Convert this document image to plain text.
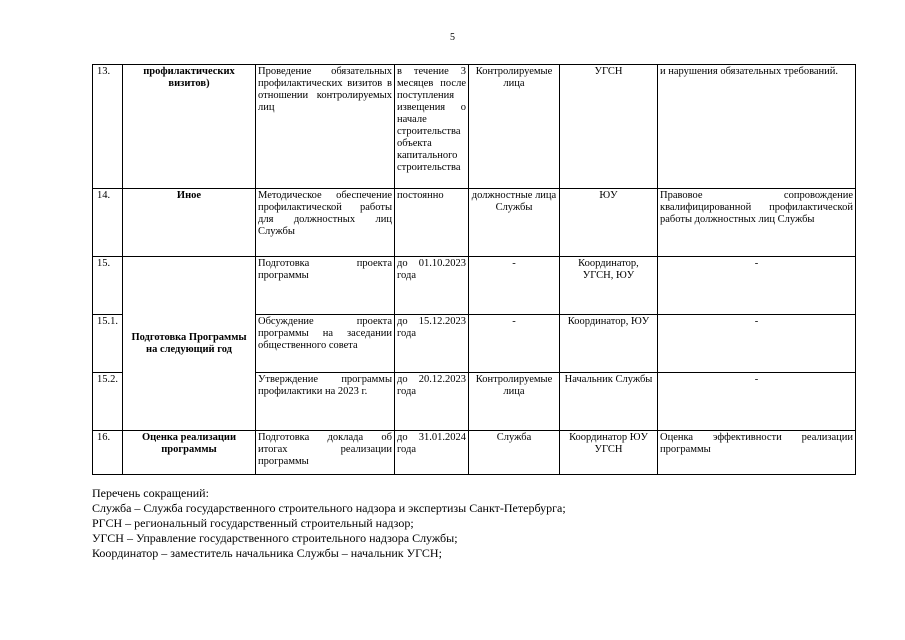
5
13.	профилактических визитов)	Проведение обязательных профилактических визитов в отношении контролируемых лиц	в течение 3 месяцев после поступления извещения о начале строительства объекта капитального строительства	Контролируемые лица	УГСН	и нарушения обязательных требований.
14.	Иное	Методическое обеспечение профилактической работы для должностных лиц Службы	постоянно	должностные лица Службы	ЮУ	Правовое сопровождение квалифицированной профилактической работы должностных лиц Службы
15.	Подготовка Программы на следующий год	Подготовка проекта программы	до 01.10.2023 года	-	Координатор, УГСН, ЮУ	-
15.1.		Обсуждение проекта программы на заседании общественного совета	до 15.12.2023 года	-	Координатор, ЮУ	-
15.2.		Утверждение программы профилактики на 2023 г.	до 20.12.2023 года	Контролируемые лица	Начальник Службы	-
16.	Оценка реализации программы	Подготовка доклада об итогах реализации программы	до 31.01.2024 года	Служба	Координатор ЮУ УГСН	Оценка эффективности реализации программы
Перечень сокращений:
Служба – Служба государственного строительного надзора и экспертизы Санкт-Петербурга;
РГСН – региональный государственный строительный надзор;
УГСН – Управление государственного строительного надзора Службы;
Координатор – заместитель начальника Службы – начальник УГСН;
